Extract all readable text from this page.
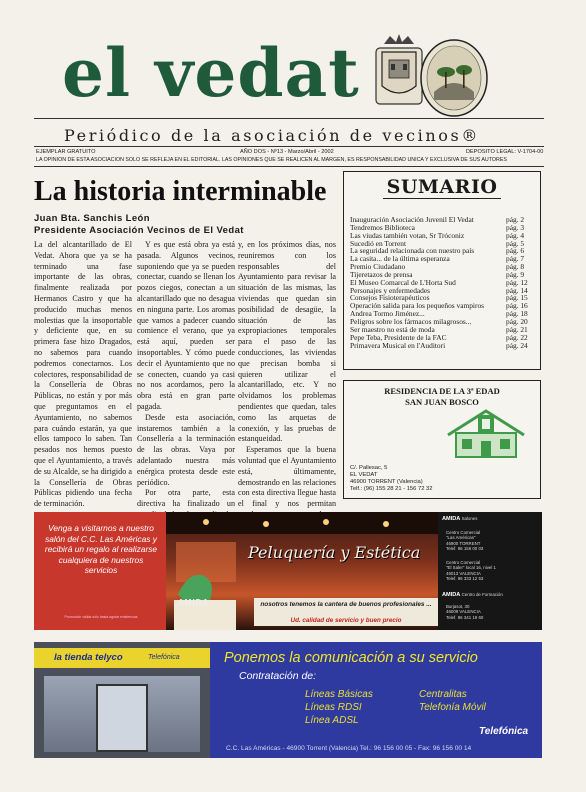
el vedat
Periódico de la asociación de vecinos®
EJEMPLAR GRATUITO	AÑO DOS - Nº13 - Marzo/Abril - 2002	DEPOSITO LEGAL: V-1704-00
LA OPINION DE ESTA ASOCIACION SOLO SE REFLEJA EN EL EDITORIAL. LAS OPINIONES QUE SE REALICEN AL MARGEN, ES RESPONSABILIDAD UNICA Y EXCLUSIVA DE SUS AUTORES
La historia interminable
Juan Bta. Sanchis León
Presidente Asociación Vecinos de El Vedat

La del alcantarillado de El Vedat. Ahora que ya se ha terminado una fase importante de las obras, finalmente realizada por Hermanos Castro y que ha producido muchas menos molestias que la insoportable y deficiente que, en su primera fase hizo Dragados, no sabemos para cuando podremos conectarnos. Los colectores, responsabilidad de la Consellería de Obras Públicas, no están y por más que preguntamos en el Ayuntamiento, no sabemos para cuándo estarán, ya que ellos tampoco lo saben. Tan pesados nos hemos puesto que el Ayuntamiento, a través de su Alcalde, se ha dirigido a la Consellería de Obras Públicas pidiendo una fecha de terminación.

Y es que está obra ya está pasada. Algunos vecinos, suponiendo que ya se pueden conectar, cuando se llenan los pozos ciegos, conectan a un alcantarillado que no desagua en ninguna parte. Los aromas que vamos a padecer cuando comience el verano, que ya está aquí, pueden ser insoportables. Y cómo puede decir el Ayuntamiento que no se conecten, cuando ya casi no nos acordamos, pero la obra está en gran parte pagada.

Desde esta asociación, instaremos también a la Consellería a la terminación de las obras. Vaya por adelantado nuestra más enérgica protesta desde este periódico.

Por otra parte, esta directiva ha finalizado un

y, en los próximos días, nos reuniremos con los responsables del Ayuntamiento para revisar la situación de las mismas, las viviendas que quedan sin posibilidad de desagüe, la situación de las expropiaciones temporales para el paso de las conducciones, las viviendas que precisan bomba si quieren utilizar el alcantarillado, etc. Y no olvidamos los problemas pendientes que quedan, tales como las arquetas de conexión, y las pruebas de estanqueidad.

Esperamos que la buena voluntad que el Ayuntamiento está, últimamente, demostrando en las relaciones con esta directiva llegue hasta el final y nos permitan

SUMARIO
Inauguración Asociación Juvenil El Vedat	pág. 2
Tendremos Biblioteca	pág. 3
Las viudas también votan, Sr Tróconiz	pág. 4
Sucedió en Torrent	pág. 5
La seguridad relacionada con nuestro país	pág. 6
La casita... de la última esperanza	pág. 7
Premio Ciudadano	pág. 8
Tijeretazos de prensa	pág. 9
El Museo Comarcal de L'Horta Sud	pág. 12
Personajes y enfermedades	pág. 14
Consejos Fisioterapéuticos	pág. 15
Operación salida para los pequeños vampiros	pág. 16
Andrea Tormo Jiménez...	pág. 18
Peligros sobre los fármacos milagrosos...	pág. 20
Ser maestro no está de moda	pág. 21
Pepe Teba, Presidente de la FAC	pág. 22
Primavera Musical en l'Auditori	pág. 24
RESIDENCIA DE LA 3ª EDAD
SAN JUAN BOSCO
C/. Pallesac, 5
EL VEDAT
46900 TORRENT (Valencia)
Telf.: (96) 155 28 21 - 156 72 32
Venga a visitarnos a nuestro salón del C.C. Las Américas y recibirá un regalo al realizarse cualquiera de nuestros servicios
Promoción válida sólo hasta agotar existencias
Peluquería y Estética
AMIDA	nosotros tenemos la cantera de buenos profesionales ...
Ud. calidad de servicio y buen precio
AMIDA Salones
Centro Comercial
"Las Américas"
46900 TORRENT
Telef. 96 156 00 03
Centro Comercial
"El Saler" local 16, nivel 1
46013 VALENCIA
Telef. 96 333 12 53
AMIDA Centro de Formación
Burjasot, 30
46009 VALENCIA
Telef. 96 341 19 60
la tienda telyco	Telefónica	Ponemos la comunicación a su servicio
Contratación de:
Líneas Básicas
Líneas RDSI
Línea ADSL
Centralitas
Telefonía Móvil
Telefónica
C.C. Las Américas - 46900 Torrent (Valencia) Tel.: 96 156 00 05 - Fax: 96 156 00 14
